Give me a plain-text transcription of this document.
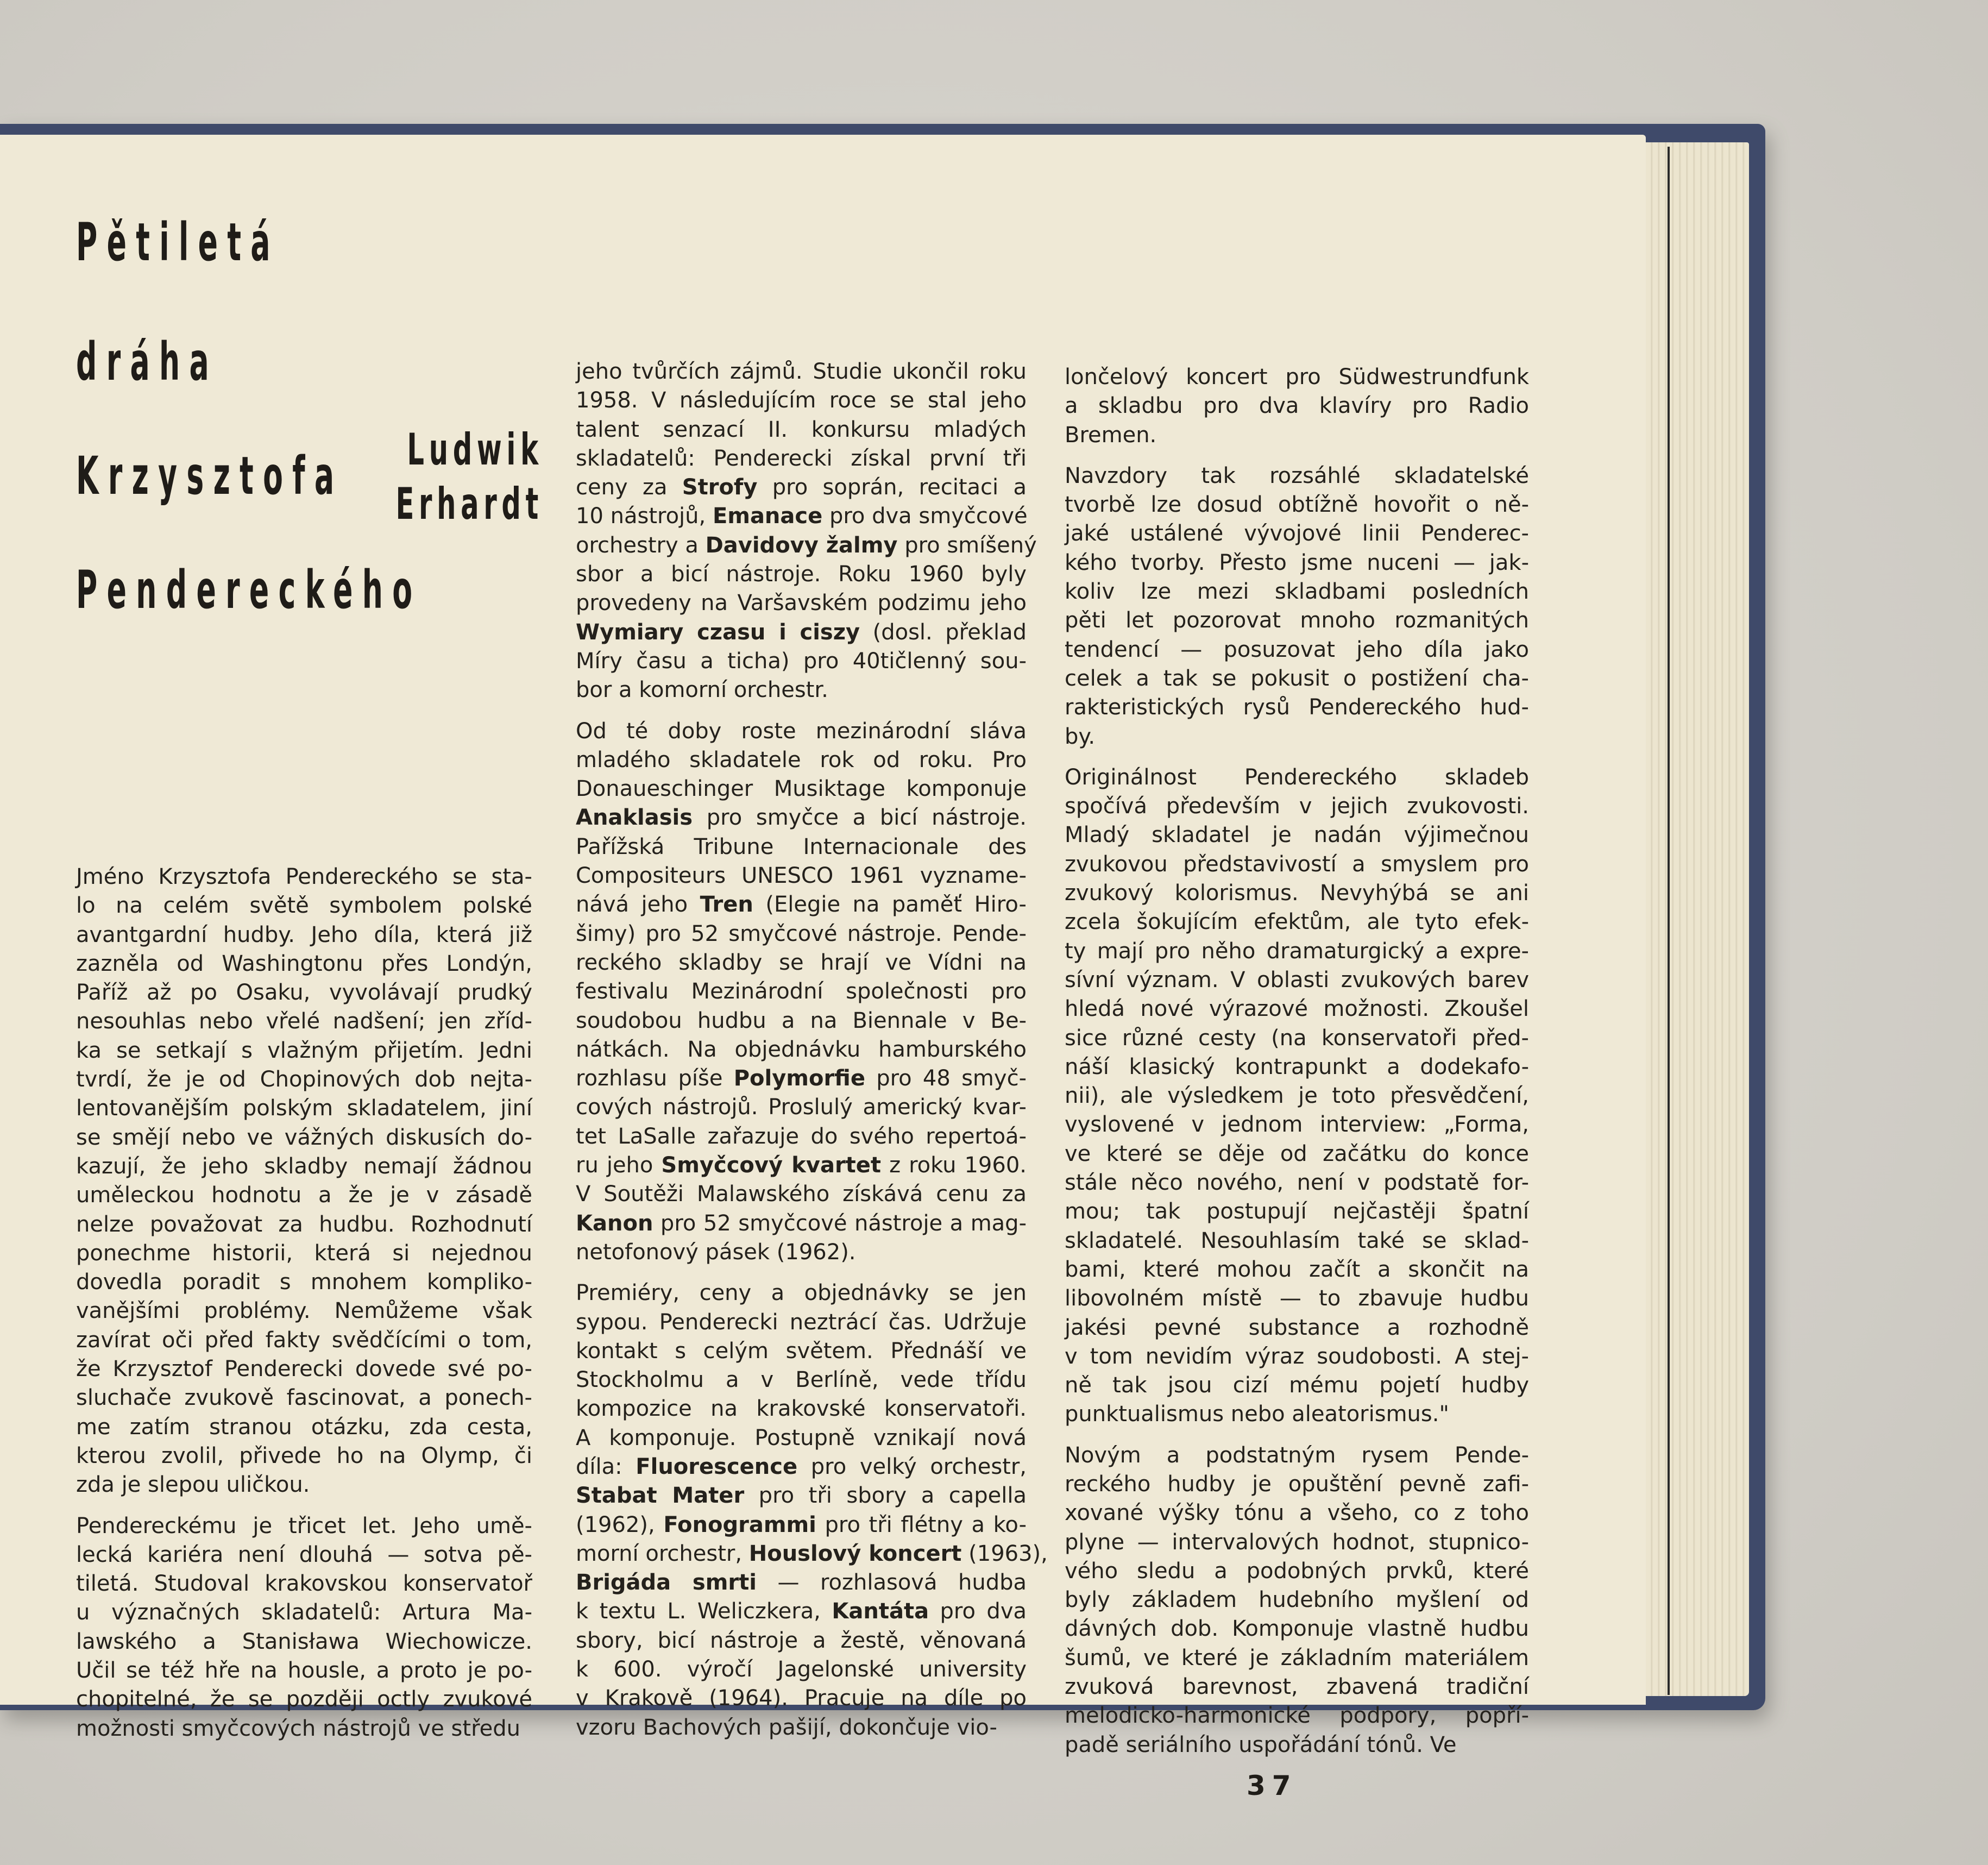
Pětiletá
dráha
Krzysztofa
Pendereckého
Ludwik
Erhardt
Jméno Krzysztofa Pendereckého se sta-
lo na celém světě symbolem polské
avantgardní hudby. Jeho díla, která již
zazněla od Washingtonu přes Londýn,
Paříž až po Osaku, vyvolávají prudký
nesouhlas nebo vřelé nadšení; jen zříd-
ka se setkají s vlažným přijetím. Jedni
tvrdí, že je od Chopinových dob nejta-
lentovanějším polským skladatelem, jiní
se smějí nebo ve vážných diskusích do-
kazují, že jeho skladby nemají žádnou
uměleckou hodnotu a že je v zásadě
nelze považovat za hudbu. Rozhodnutí
ponechme historii, která si nejednou
dovedla poradit s mnohem kompliko-
vanějšími problémy. Nemůžeme však
zavírat oči před fakty svědčícími o tom,
že Krzysztof Penderecki dovede své po-
sluchače zvukově fascinovat, a ponech-
me zatím stranou otázku, zda cesta,
kterou zvolil, přivede ho na Olymp, či
zda je slepou uličkou.
Pendereckému je třicet let. Jeho umě-
lecká kariéra není dlouhá — sotva pě-
tiletá. Studoval krakovskou konservatoř
u význačných skladatelů: Artura Ma-
lawského a Stanisława Wiechowicze.
Učil se též hře na housle, a proto je po-
chopitelné, že se později octly zvukové
možnosti smyčcových nástrojů ve středu
jeho tvůrčích zájmů. Studie ukončil roku
1958. V následujícím roce se stal jeho
talent senzací II. konkursu mladých
skladatelů: Penderecki získal první tři
ceny za Strofy pro soprán, recitaci a
10 nástrojů, Emanace pro dva smyčcové
orchestry a Davidovy žalmy pro smíšený
sbor a bicí nástroje. Roku 1960 byly
provedeny na Varšavském podzimu jeho
Wymiary czasu i ciszy (dosl. překlad
Míry času a ticha) pro 40tičlenný sou-
bor a komorní orchestr.
Od té doby roste mezinárodní sláva
mladého skladatele rok od roku. Pro
Donaueschinger Musiktage komponuje
Anaklasis pro smyčce a bicí nástroje.
Pařížská Tribune Internacionale des
Compositeurs UNESCO 1961 vyzname-
nává jeho Tren (Elegie na paměť Hiro-
šimy) pro 52 smyčcové nástroje. Pende-
reckého skladby se hrají ve Vídni na
festivalu Mezinárodní společnosti pro
soudobou hudbu a na Biennale v Be-
nátkách. Na objednávku hamburského
rozhlasu píše Polymorfie pro 48 smyč-
cových nástrojů. Proslulý americký kvar-
tet LaSalle zařazuje do svého repertoá-
ru jeho Smyčcový kvartet z roku 1960.
V Soutěži Malawského získává cenu za
Kanon pro 52 smyčcové nástroje a mag-
netofonový pásek (1962).
Premiéry, ceny a objednávky se jen
sypou. Penderecki neztrácí čas. Udržuje
kontakt s celým světem. Přednáší ve
Stockholmu a v Berlíně, vede třídu
kompozice na krakovské konservatoři.
A komponuje. Postupně vznikají nová
díla: Fluorescence pro velký orchestr,
Stabat Mater pro tři sbory a capella
(1962), Fonogrammi pro tři flétny a ko-
morní orchestr, Houslový koncert (1963),
Brigáda smrti — rozhlasová hudba
k textu L. Weliczkera, Kantáta pro dva
sbory, bicí nástroje a žestě, věnovaná
k 600. výročí Jagelonské university
v Krakově (1964). Pracuje na díle po
vzoru Bachových pašijí, dokončuje vio-
lončelový koncert pro Südwestrundfunk
a skladbu pro dva klavíry pro Radio
Bremen.
Navzdory tak rozsáhlé skladatelské
tvorbě lze dosud obtížně hovořit o ně-
jaké ustálené vývojové linii Penderec-
kého tvorby. Přesto jsme nuceni — jak-
koliv lze mezi skladbami posledních
pěti let pozorovat mnoho rozmanitých
tendencí — posuzovat jeho díla jako
celek a tak se pokusit o postižení cha-
rakteristických rysů Pendereckého hud-
by.
Originálnost Pendereckého skladeb
spočívá především v jejich zvukovosti.
Mladý skladatel je nadán výjimečnou
zvukovou představivostí a smyslem pro
zvukový kolorismus. Nevyhýbá se ani
zcela šokujícím efektům, ale tyto efek-
ty mají pro něho dramaturgický a expre-
sívní význam. V oblasti zvukových barev
hledá nové výrazové možnosti. Zkoušel
sice různé cesty (na konservatoři před-
náší klasický kontrapunkt a dodekafo-
nii), ale výsledkem je toto přesvědčení,
vyslovené v jednom interview: „Forma,
ve které se děje od začátku do konce
stále něco nového, není v podstatě for-
mou; tak postupují nejčastěji špatní
skladatelé. Nesouhlasím také se sklad-
bami, které mohou začít a skončit na
libovolném místě — to zbavuje hudbu
jakési pevné substance a rozhodně
v tom nevidím výraz soudobosti. A stej-
ně tak jsou cizí mému pojetí hudby
punktualismus nebo aleatorismus."
Novým a podstatným rysem Pende-
reckého hudby je opuštění pevně zafi-
xované výšky tónu a všeho, co z toho
plyne — intervalových hodnot, stupnico-
vého sledu a podobných prvků, které
byly základem hudebního myšlení od
dávných dob. Komponuje vlastně hudbu
šumů, ve které je základním materiálem
zvuková barevnost, zbavená tradiční
melodicko-harmonické podpory, popří-
padě seriálního uspořádání tónů. Ve
37
